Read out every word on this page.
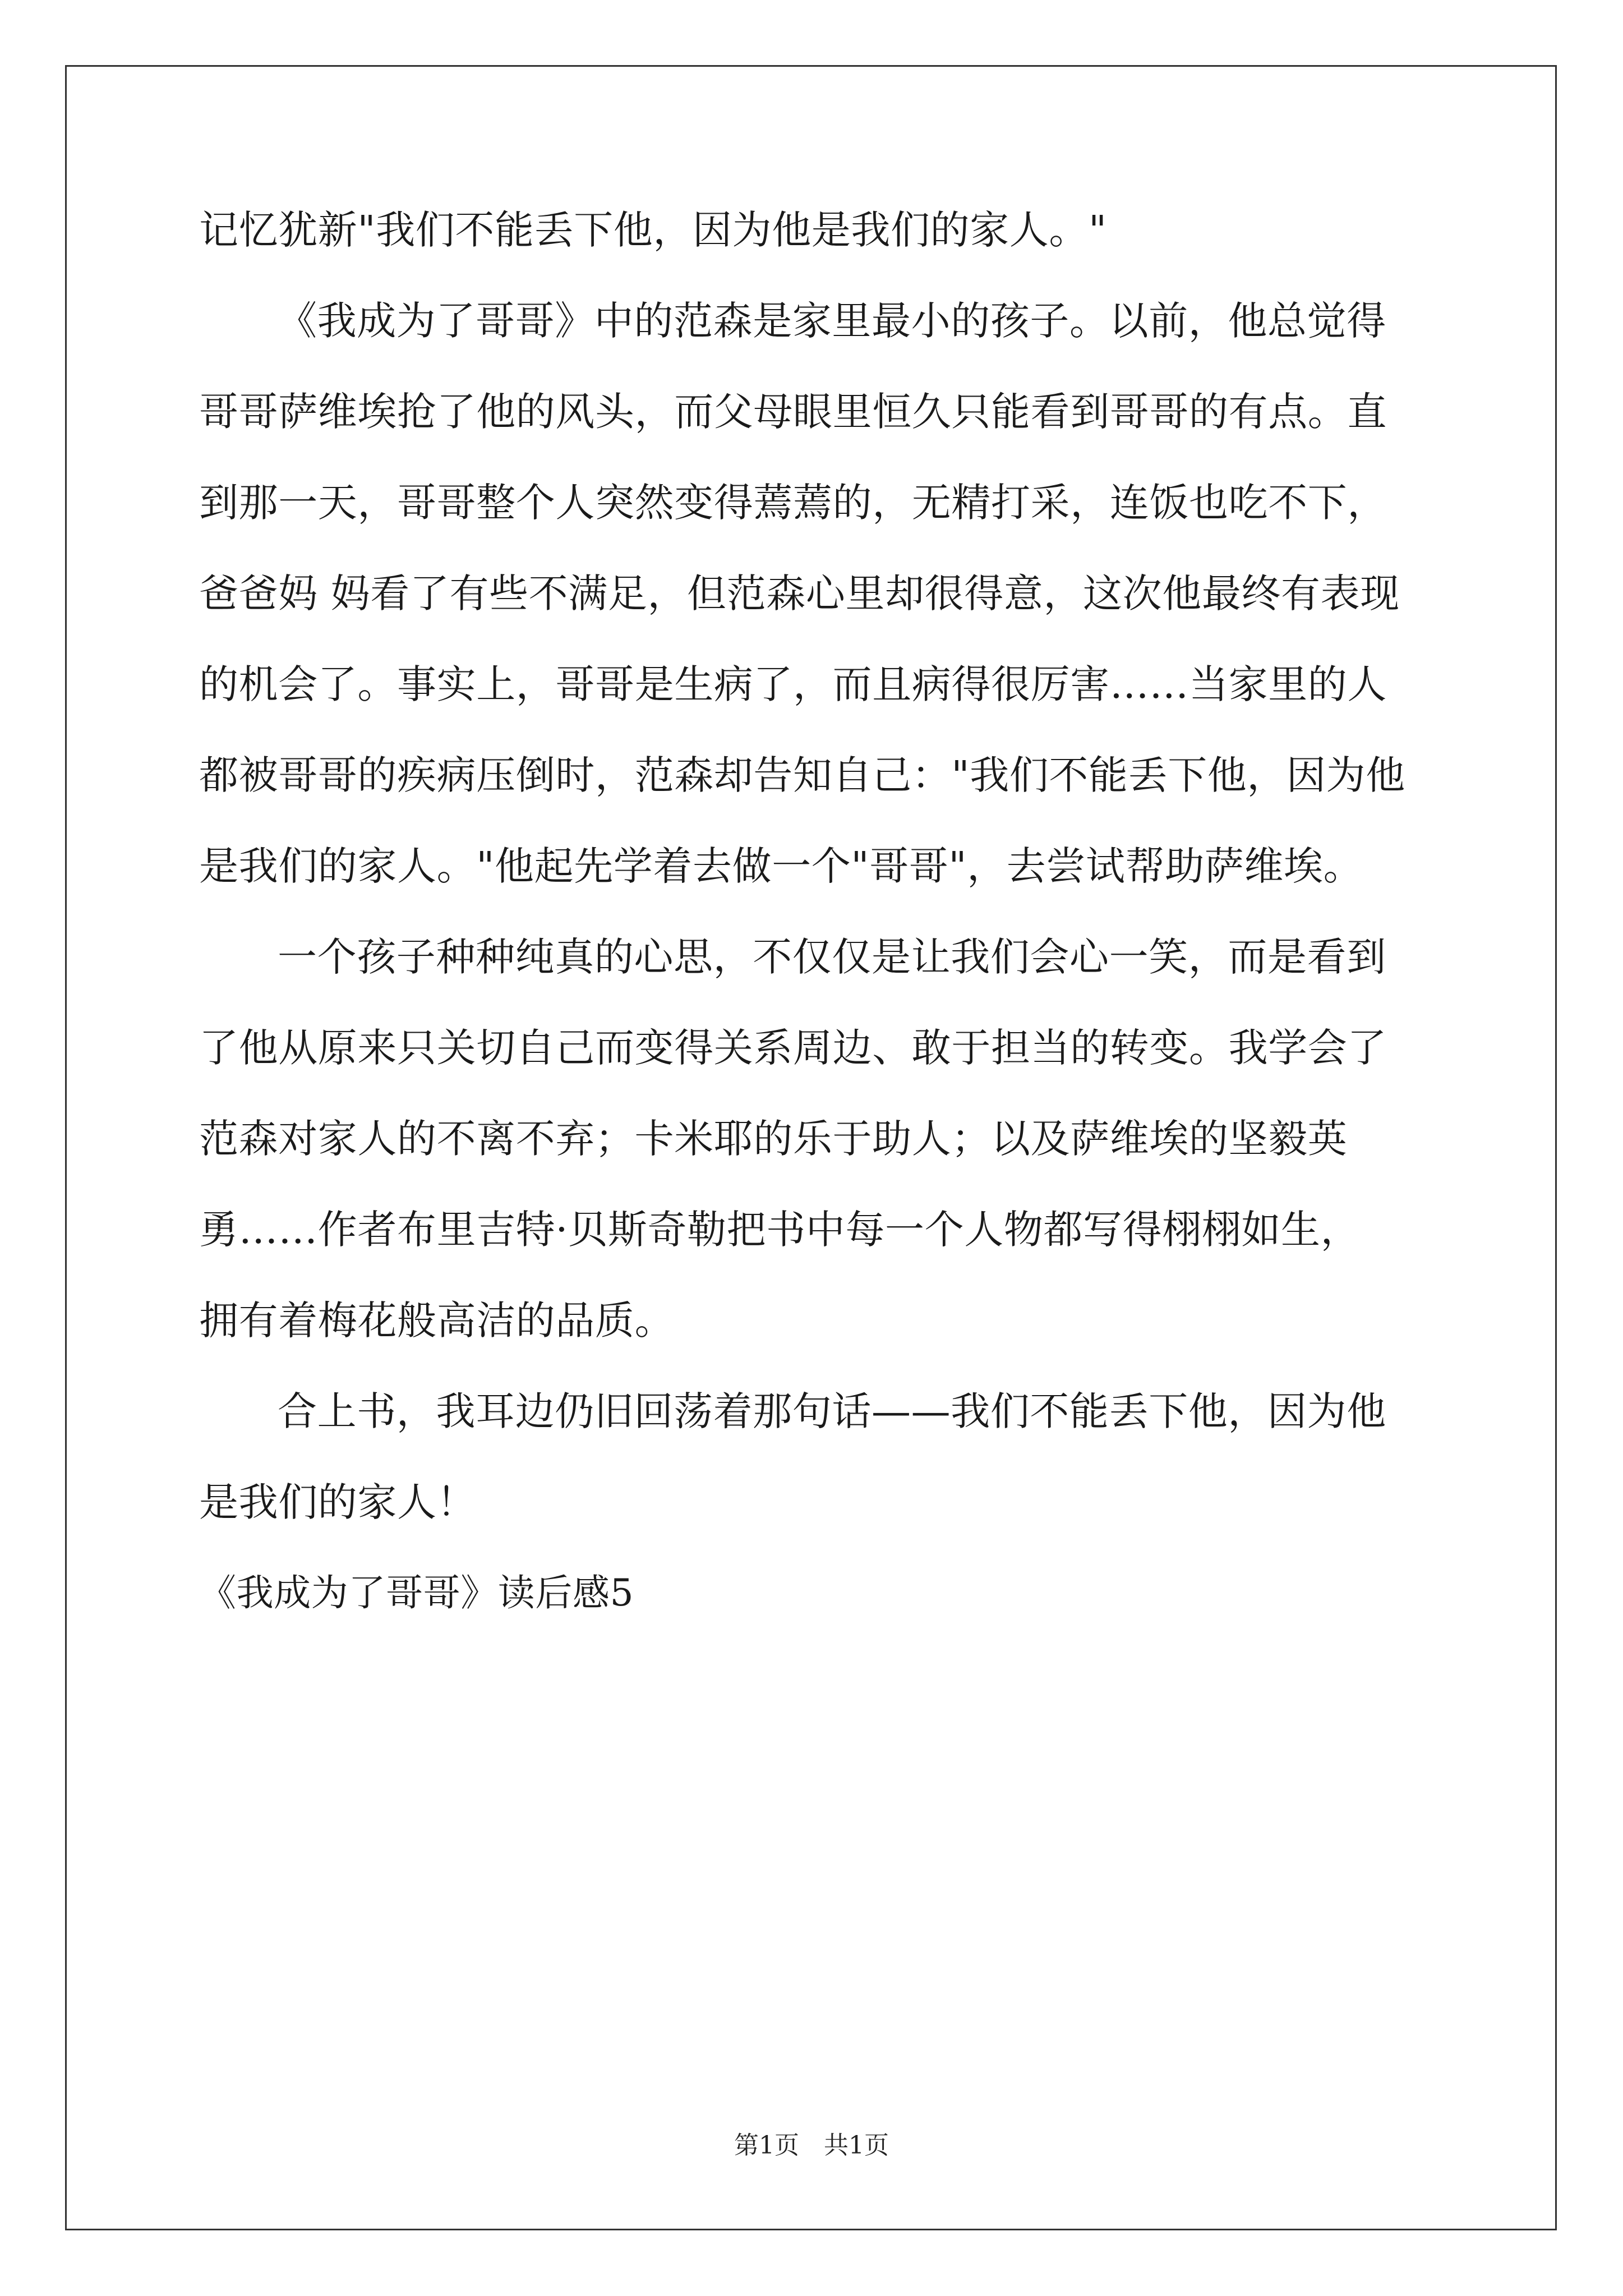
记忆犹新"我们不能丢下他，因为他是我们的家人。"
《我成为了哥哥》中的范森是家里最小的孩子。以前，他总觉得
哥哥萨维埃抢了他的风头，而父母眼里恒久只能看到哥哥的有点。直
到那一天，哥哥整个人突然变得蔫蔫的，无精打采，连饭也吃不下，
爸爸妈 妈看了有些不满足，但范森心里却很得意，这次他最终有表现
的机会了。事实上，哥哥是生病了，而且病得很厉害……当家里的人
都被哥哥的疾病压倒时，范森却告知自己："我们不能丢下他，因为他
是我们的家人。"他起先学着去做一个"哥哥"，去尝试帮助萨维埃。
一个孩子种种纯真的心思，不仅仅是让我们会心一笑，而是看到
了他从原来只关切自己而变得关系周边、敢于担当的转变。我学会了
范森对家人的不离不弃；卡米耶的乐于助人；以及萨维埃的坚毅英
勇……作者布里吉特·贝斯奇勒把书中每一个人物都写得栩栩如生，
拥有着梅花般高洁的品质。
合上书，我耳边仍旧回荡着那句话——我们不能丢下他，因为他
是我们的家人！
《我成为了哥哥》读后感5
第1页　共1页
